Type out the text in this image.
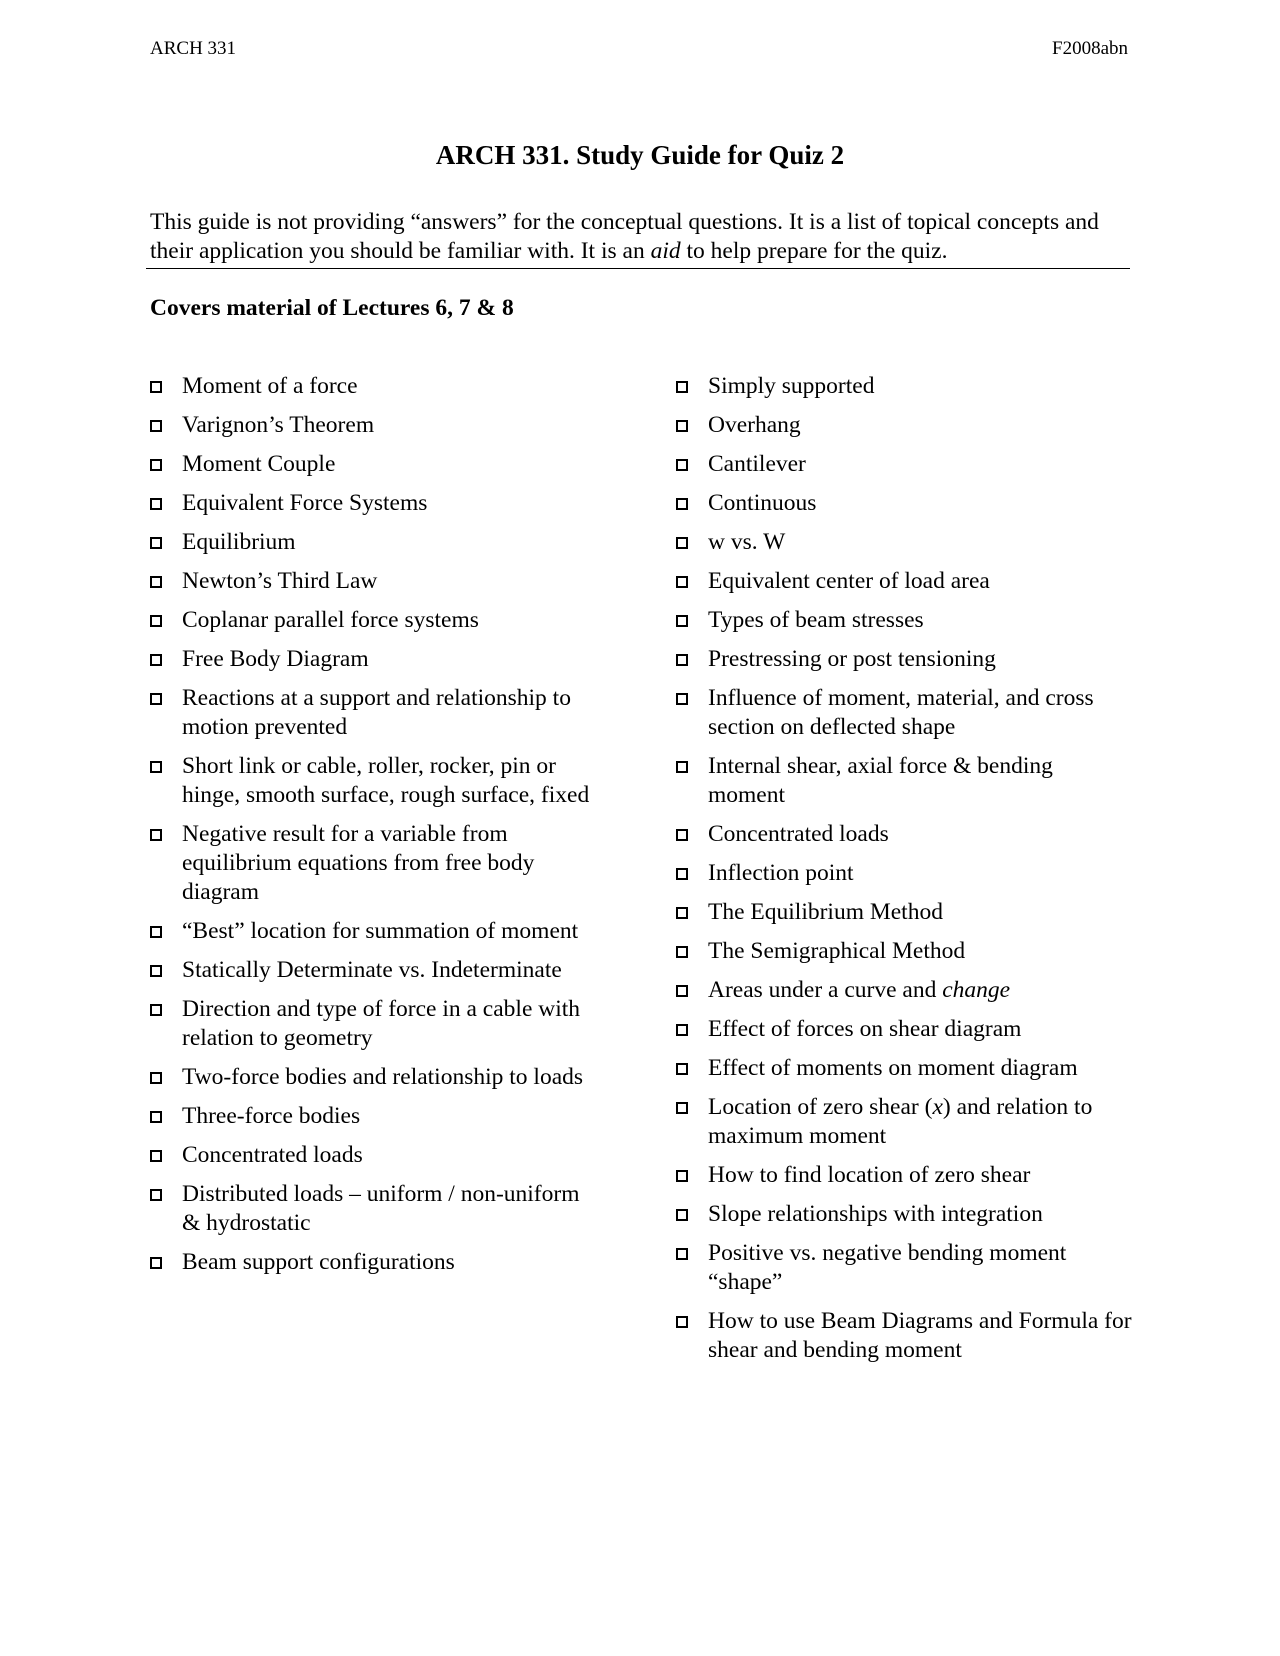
ARCH 331	F2008abn
ARCH 331. Study Guide for Quiz 2
This guide is not providing “answers” for the conceptual questions. It is a list of topical concepts and their application you should be familiar with. It is an aid to help prepare for the quiz.
Covers material of Lectures 6, 7 & 8
Moment of a force
Varignon’s Theorem
Moment Couple
Equivalent Force Systems
Equilibrium
Newton’s Third Law
Coplanar parallel force systems
Free Body Diagram
Reactions at a support and relationship to motion prevented
Short link or cable, roller, rocker, pin or hinge, smooth surface, rough surface, fixed
Negative result for a variable from equilibrium equations from free body diagram
“Best” location for summation of moment
Statically Determinate vs. Indeterminate
Direction and type of force in a cable with relation to geometry
Two-force bodies and relationship to loads
Three-force bodies
Concentrated loads
Distributed loads – uniform / non-uniform & hydrostatic
Beam support configurations
Simply supported
Overhang
Cantilever
Continuous
w vs. W
Equivalent center of load area
Types of beam stresses
Prestressing or post tensioning
Influence of moment, material, and cross section on deflected shape
Internal shear, axial force & bending moment
Concentrated loads
Inflection point
The Equilibrium Method
The Semigraphical Method
Areas under a curve and change
Effect of forces on shear diagram
Effect of moments on moment diagram
Location of zero shear (x) and relation to maximum moment
How to find location of zero shear
Slope relationships with integration
Positive vs. negative bending moment “shape”
How to use Beam Diagrams and Formula for shear and bending moment
